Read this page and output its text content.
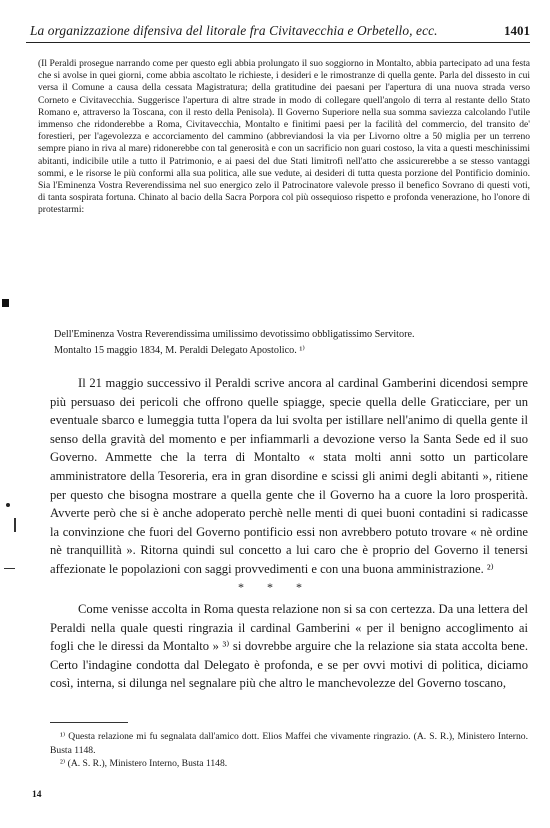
La organizzazione difensiva del litorale fra Civitavecchia e Orbetello, ecc.	1401

(Il Peraldi prosegue narrando come per questo egli abbia prolungato il suo soggiorno in Montalto, abbia partecipato ad una festa che si avolse in quei giorni, come abbia ascoltato le richieste, i desideri e le rimostranze di quella gente. Parla del dissesto in cui versa il Comune a causa della cessata Magistratura; della gratitudine dei paesani per l'apertura di una nuova strada verso Corneto e Civitavecchia. Suggerisce l'apertura di altre strade in modo di collegare quell'angolo di terra al restante dello Stato Romano e, attraverso la Toscana, con il resto della Penisola). Il Governo Superiore nella sua somma saviezza calcolando l'utile immenso che ridonderebbe a Roma, Civitavecchia, Montalto e finitimi paesi per la facilità del commercio, del transito de' forestieri, per l'agevolezza e accorciamento del cammino (abbreviandosi la via per Livorno oltre a 50 miglia per un terreno sempre piano in riva al mare) ridonerebbe con tal generosità e con un sacrificio non guari costoso, la vita a questi meschinissimi abitanti, indicibile utile a tutto il Patrimonio, e ai paesi del due Stati limitrofi nell'atto che assicurerebbe a se stesso vantaggi sommi, e le risorse le più conformi alla sua politica, alle sue vedute, ai desideri di tutta questa porzione del Pontificio dominio. Sia l'Eminenza Vostra Reverendissima nel suo energico zelo il Patrocinatore valevole presso il benefico Sovrano di questi voti, di tanta sospirata fortuna. Chinato al bacio della Sacra Porpora col più ossequioso rispetto e profonda venerazione, ho l'onore di protestarmi:

Dell'Eminenza Vostra Reverendissima umilissimo devotissimo obbligatissimo Servitore.
Montalto 15 maggio 1834, M. Peraldi Delegato Apostolico. ¹⁾

Il 21 maggio successivo il Peraldi scrive ancora al cardinal Gamberini dicendosi sempre più persuaso dei pericoli che offrono quelle spiagge, specie quella delle Graticciare, per un eventuale sbarco e lumeggia tutta l'opera da lui svolta per istillare nell'animo di quella gente il senso della gravità del momento e per infiammarli a devozione verso la Santa Sede ed il suo Governo. Ammette che la terra di Montalto « stata molti anni sotto un particolare amministratore della Tesoreria, era in gran disordine e scissi gli animi degli abitanti », ritiene per questo che bisogna mostrare a quella gente che il Governo ha a cuore la loro prosperità. Avverte però che si è anche adoperato perchè nelle menti di quei buoni contadini si radicasse la convinzione che fuori del Governo pontificio essi non avrebbero potuto trovare « nè ordine nè tranquillità ». Ritorna quindi sul concetto a lui caro che è proprio del Governo il tenersi affezionate le popolazioni con saggi provvedimenti e con una buona amministrazione. ²⁾

* * *

Come venisse accolta in Roma questa relazione non si sa con certezza. Da una lettera del Peraldi nella quale questi ringrazia il cardinal Gamberini « per il benigno accoglimento ai fogli che le diressi da Montalto » ³⁾ si dovrebbe arguire che la relazione sia stata accolta bene. Certo l'indagine condotta dal Delegato è profonda, e se per ovvi motivi di politica, diciamo così, interna, si dilunga nel segnalare più che altro le manchevolezze del Governo toscano,

¹⁾ Questa relazione mi fu segnalata dall'amico dott. Elios Maffei che vivamente ringrazio. (A. S. R.), Ministero Interno. Busta 1148.

²⁾ (A. S. R.), Ministero Interno, Busta 1148.

14
